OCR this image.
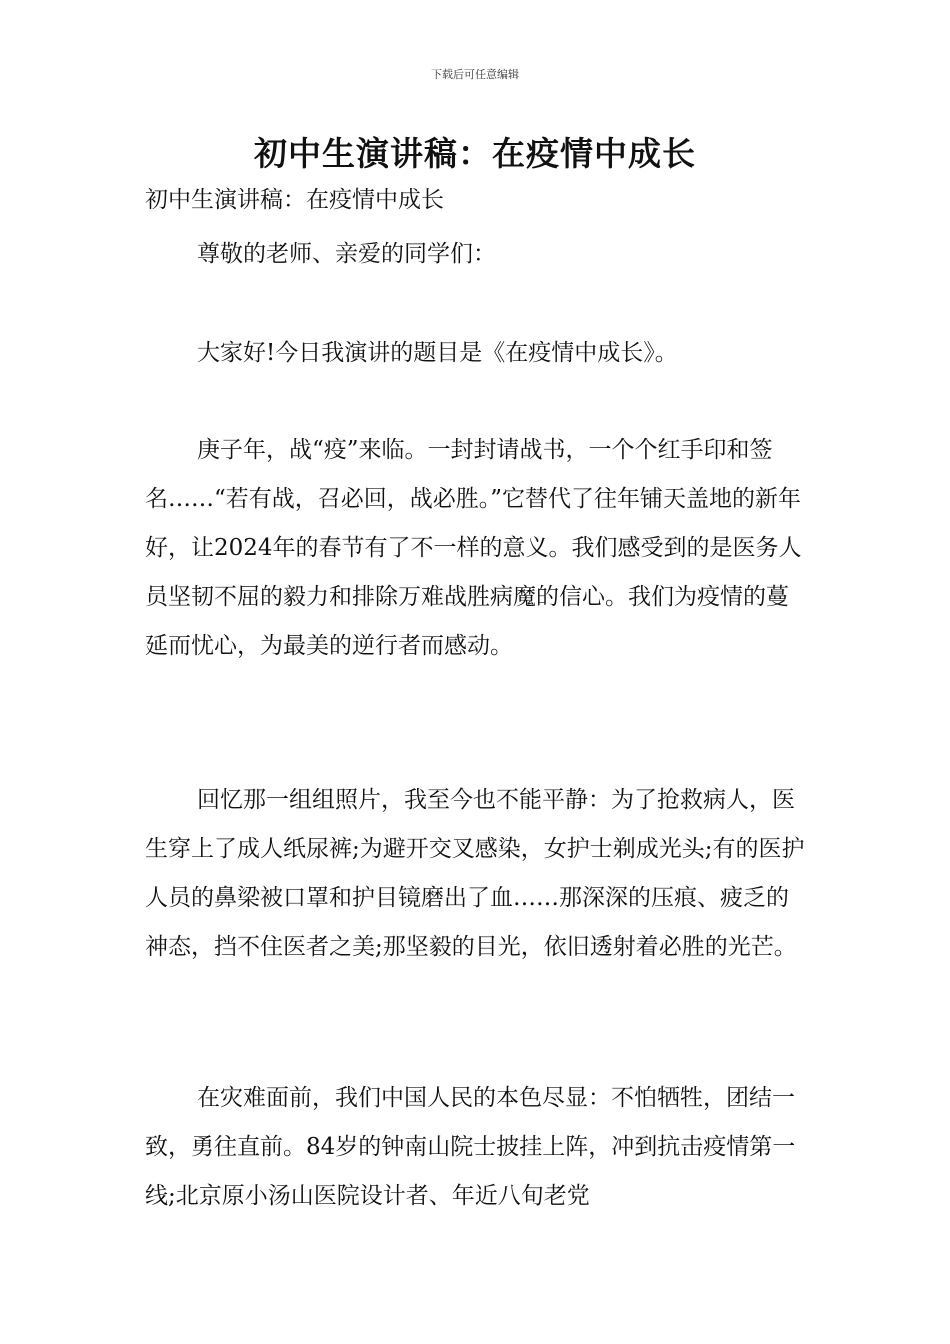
下载后可任意编辑
初中生演讲稿：在疫情中成长
初中生演讲稿：在疫情中成长

尊敬的老师、亲爱的同学们：

大家好!今日我演讲的题目是《在疫情中成长》。

庚子年，战“疫”来临。一封封请战书，一个个红手印和签名……“若有战，召必回，战必胜。”它替代了往年铺天盖地的新年好，让2024年的春节有了不一样的意义。我们感受到的是医务人员坚韧不屈的毅力和排除万难战胜病魔的信心。我们为疫情的蔓延而忧心，为最美的逆行者而感动。

回忆那一组组照片，我至今也不能平静：为了抢救病人，医生穿上了成人纸尿裤;为避开交叉感染，女护士剃成光头;有的医护人员的鼻梁被口罩和护目镜磨出了血……那深深的压痕、疲乏的神态，挡不住医者之美;那坚毅的目光，依旧透射着必胜的光芒。

在灾难面前，我们中国人民的本色尽显：不怕牺牲，团结一致，勇往直前。84岁的钟南山院士披挂上阵，冲到抗击疫情第一线;北京原小汤山医院设计者、年近八旬老党
